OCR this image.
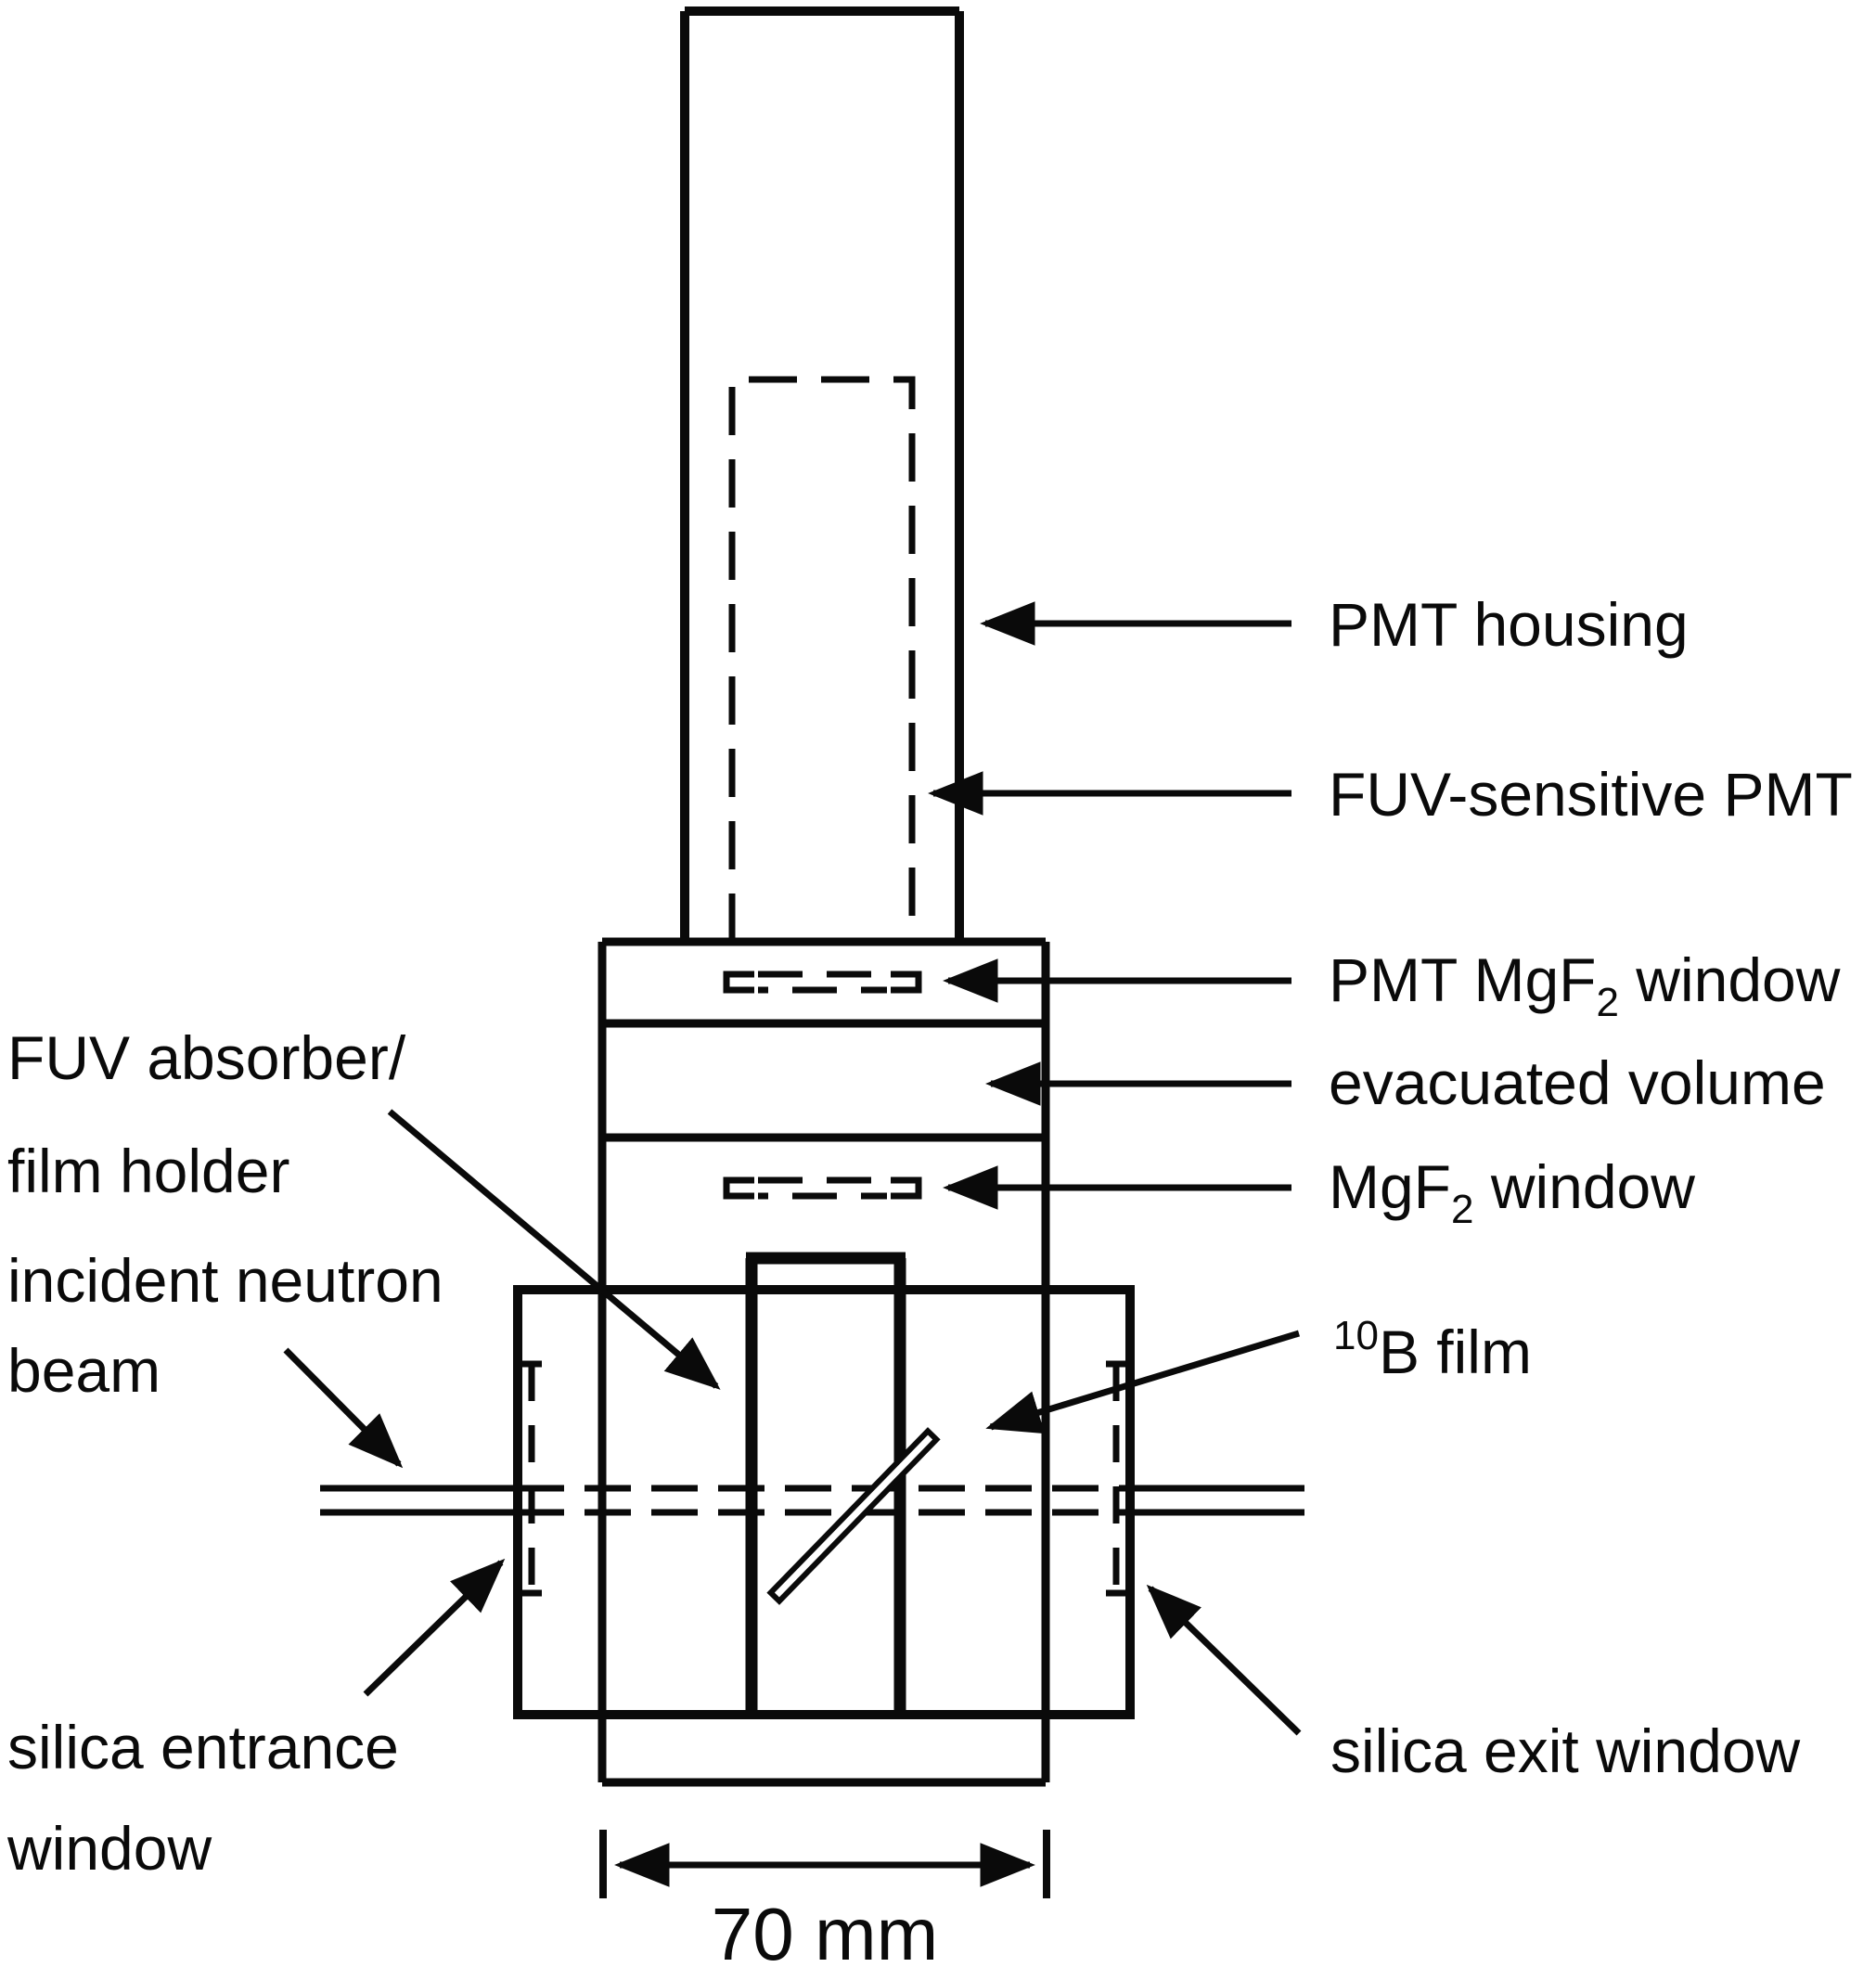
PMT housing
FUV-sensitive PMT
PMT MgF$_2$ window
evacuated volume
MgF$_2$ window
$^{10}$B film
FUV absorber/
film holder
incident neutron
beam
silica entrance
window
silica exit window
70 mm
